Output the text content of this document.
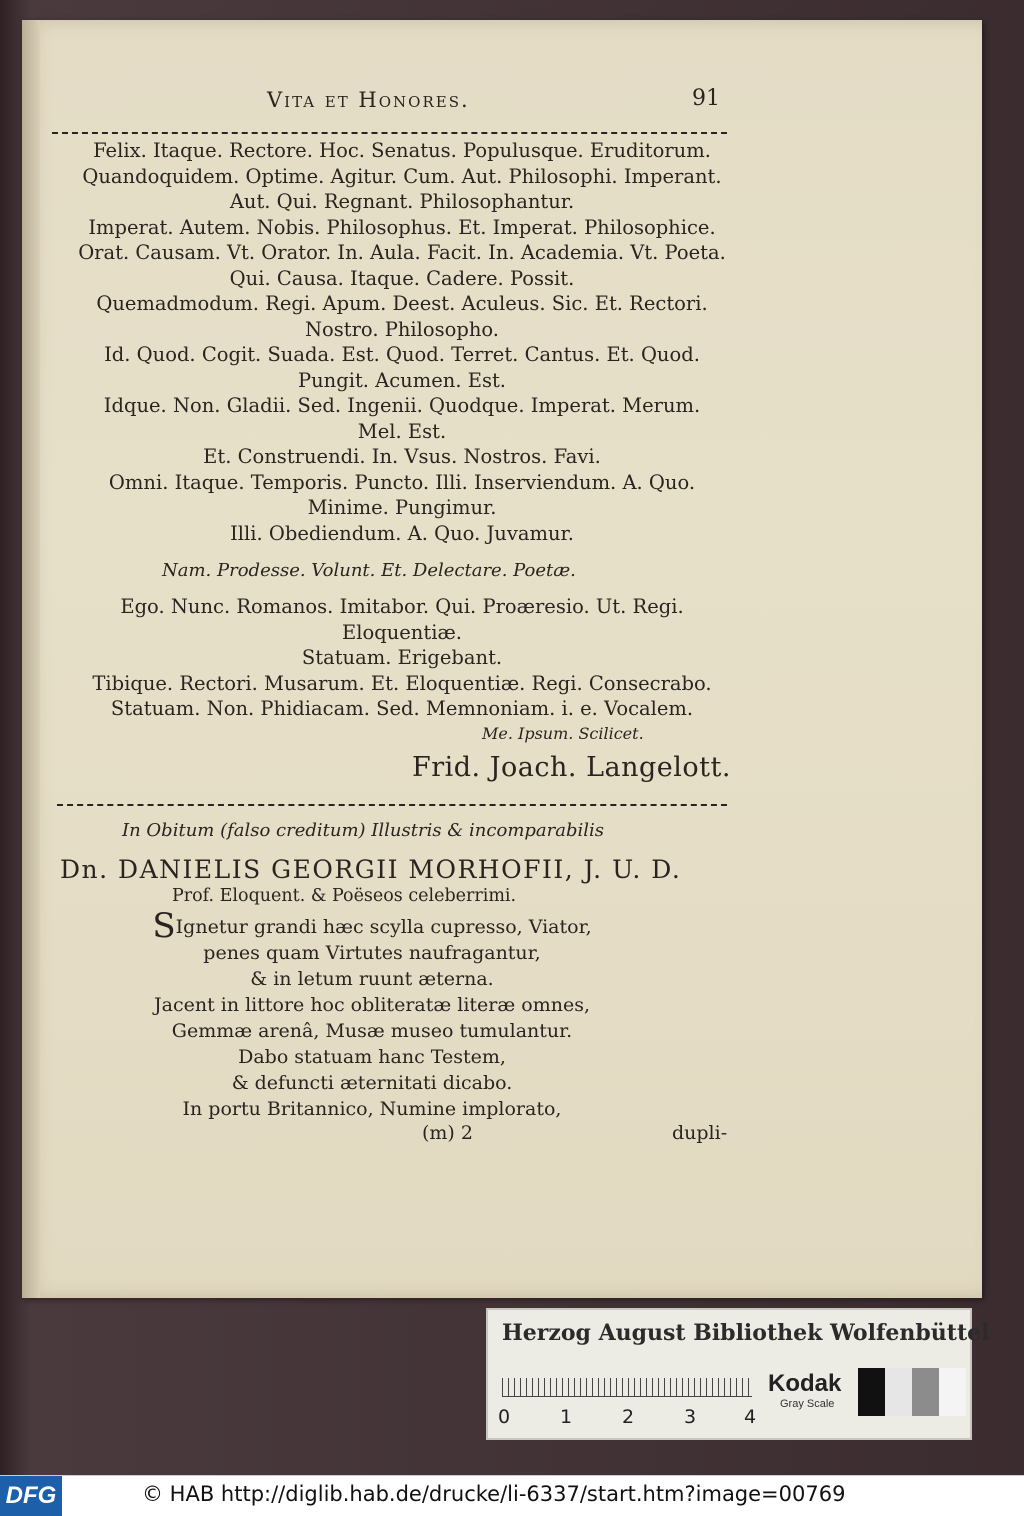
Vita et Honores.	91
Felix. Itaque. Rectore. Hoc. Senatus. Populusque. Eruditorum.
Quandoquidem. Optime. Agitur. Cum. Aut. Philosophi. Imperant.
Aut. Qui. Regnant. Philosophantur.
Imperat. Autem. Nobis. Philosophus. Et. Imperat. Philosophice.
Orat. Causam. Vt. Orator. In. Aula. Facit. In. Academia. Vt. Poeta.
Qui. Causa. Itaque. Cadere. Possit.
Quemadmodum. Regi. Apum. Deest. Aculeus. Sic. Et. Rectori.
Nostro. Philosopho.
Id. Quod. Cogit. Suada. Est. Quod. Terret. Cantus. Et. Quod.
Pungit. Acumen. Est.
Idque. Non. Gladii. Sed. Ingenii. Quodque. Imperat. Merum.
Mel. Est.
Et. Construendi. In. Vsus. Nostros. Favi.
Omni. Itaque. Temporis. Puncto. Illi. Inserviendum. A. Quo.
Minime. Pungimur.
Illi. Obediendum. A. Quo. Juvamur.
Nam. Prodesse. Volunt. Et. Delectare. Poetæ.
Ego. Nunc. Romanos. Imitabor. Qui. Proæresio. Ut. Regi.
Eloquentiæ.
Statuam. Erigebant.
Tibique. Rectori. Musarum. Et. Eloquentiæ. Regi. Consecrabo.
Statuam. Non. Phidiacam. Sed. Memnoniam. i. e. Vocalem.
Me. Ipsum. Scilicet.
Frid. Joach. Langelott.
In Obitum (falso creditum) Illustris & incomparabilis
Dn. DANIELIS GEORGII MORHOFII, J. U. D.
Prof. Eloquent. & Poëseos celeberrimi.
SIgnetur grandi hæc scylla cupresso, Viator,
penes quam Virtutes naufragantur,
& in letum ruunt æterna.
Jacent in littore hoc obliteratæ literæ omnes,
Gemmæ arenâ, Musæ museo tumulantur.
Dabo statuam hanc Testem,
& defuncti æternitati dicabo.
In portu Britannico, Numine implorato,
(m) 2	dupli-
Herzog August Bibliothek Wolfenbüttel
0	1	2	3	4
Kodak
Gray Scale
DFG	© HAB http://diglib.hab.de/drucke/li-6337/start.htm?image=00769
